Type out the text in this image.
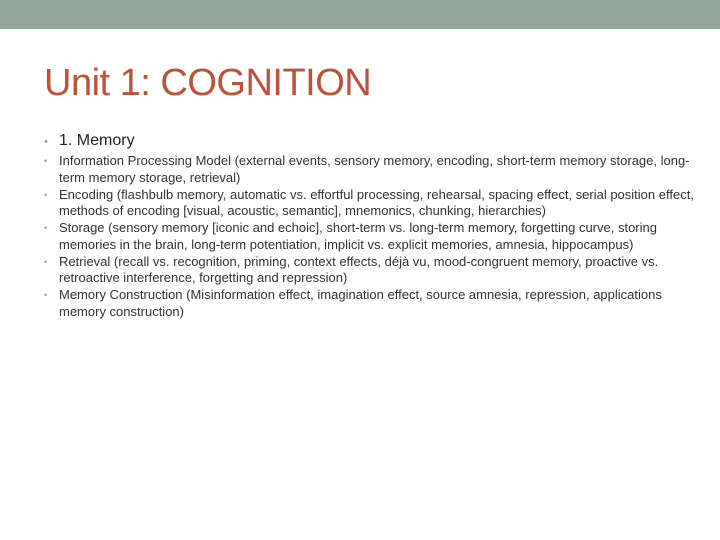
Unit 1: COGNITION
• 1. Memory
• Information Processing Model (external events, sensory memory, encoding, short-term memory storage, long-term memory storage, retrieval)
• Encoding (flashbulb memory, automatic vs. effortful processing, rehearsal, spacing effect, serial position effect, methods of encoding [visual, acoustic, semantic], mnemonics, chunking, hierarchies)
• Storage (sensory memory [iconic and echoic], short-term vs. long-term memory, forgetting curve, storing memories in the brain, long-term potentiation, implicit vs. explicit memories, amnesia, hippocampus)
• Retrieval (recall vs. recognition, priming, context effects, déjà vu, mood-congruent memory, proactive vs. retroactive interference, forgetting and repression)
• Memory Construction (Misinformation effect, imagination effect, source amnesia, repression, applications memory construction)
